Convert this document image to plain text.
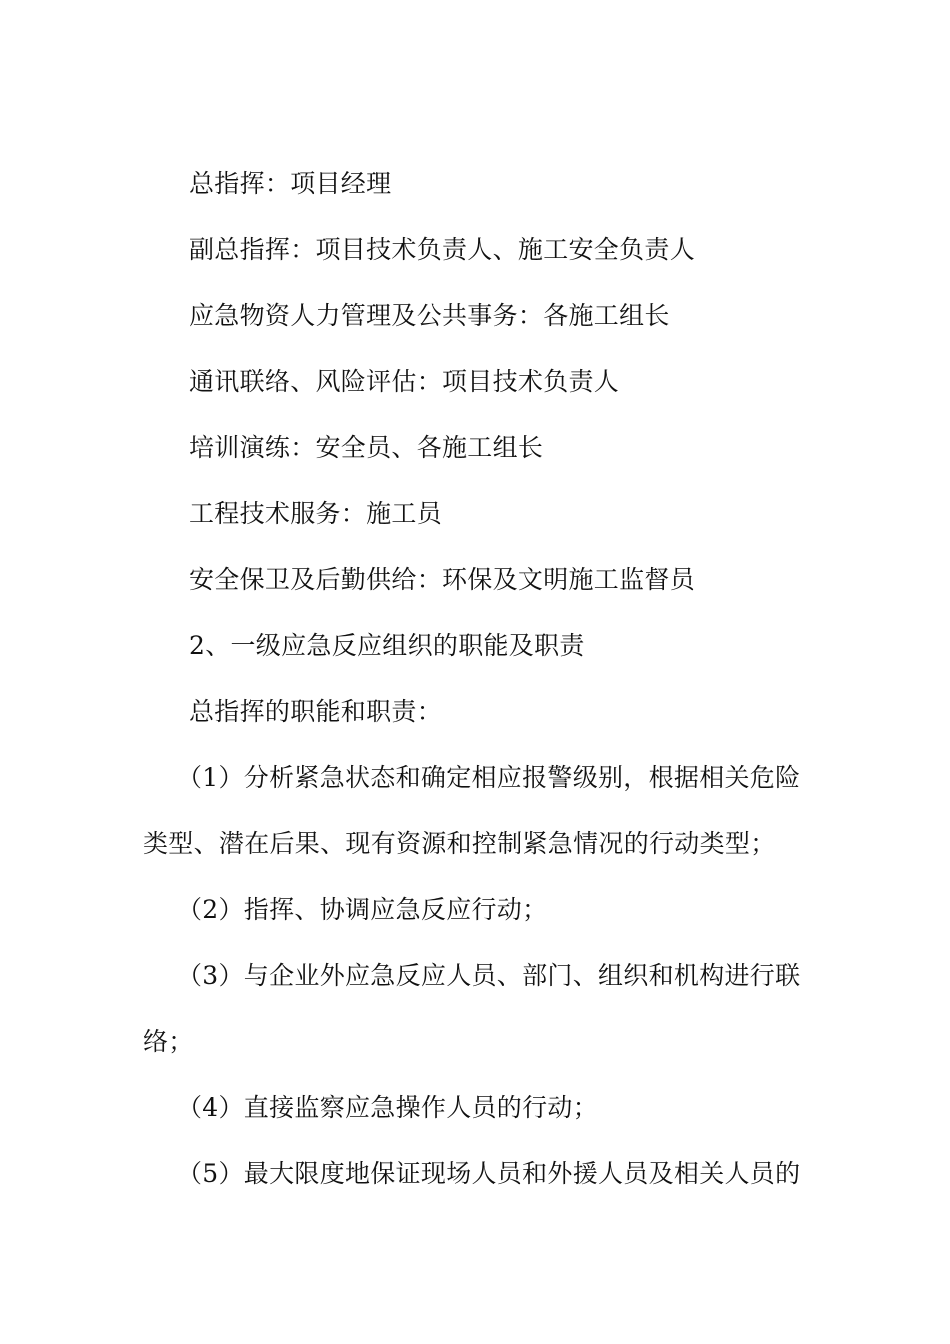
总指挥：项目经理
副总指挥：项目技术负责人、施工安全负责人
应急物资人力管理及公共事务：各施工组长
通讯联络、风险评估：项目技术负责人
培训演练：安全员、各施工组长
工程技术服务：施工员
安全保卫及后勤供给：环保及文明施工监督员
2、一级应急反应组织的职能及职责
总指挥的职能和职责：
（1）分析紧急状态和确定相应报警级别，根据相关危险
类型、潜在后果、现有资源和控制紧急情况的行动类型；
（2）指挥、协调应急反应行动；
（3）与企业外应急反应人员、部门、组织和机构进行联
络；
（4）直接监察应急操作人员的行动；
（5）最大限度地保证现场人员和外援人员及相关人员的
